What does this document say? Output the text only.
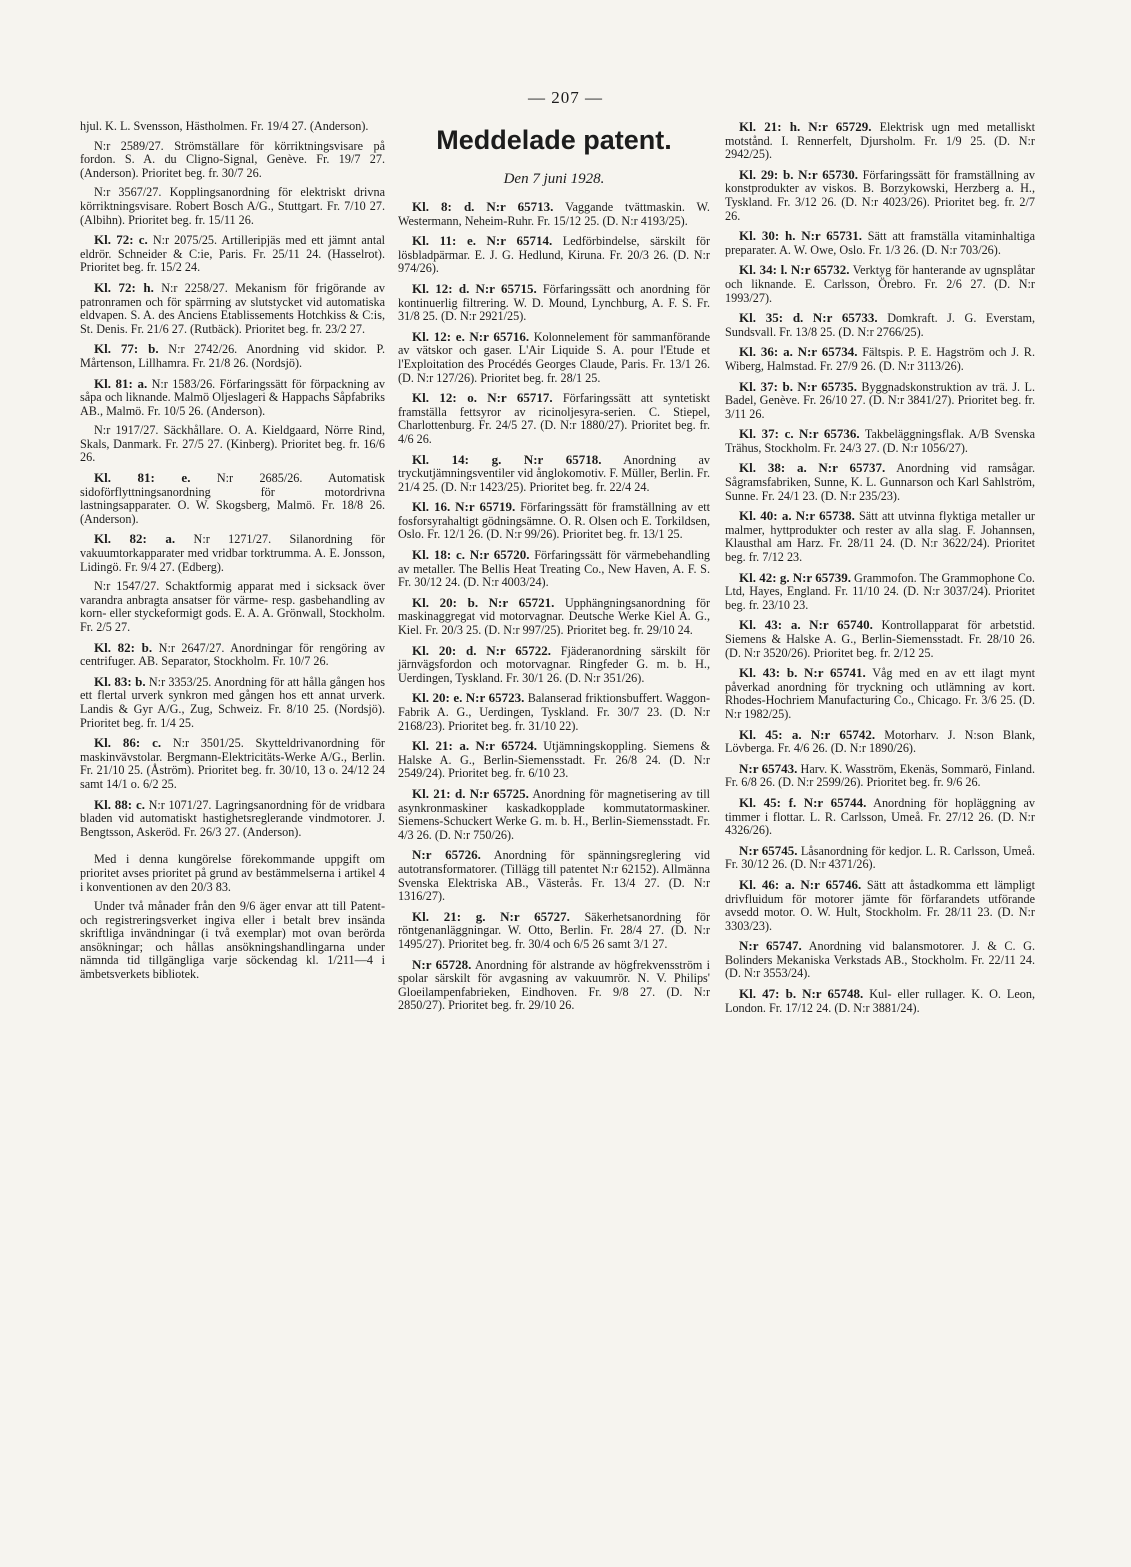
— 207 —

hjul. K. L. Svensson, Hästholmen. Fr. 19/4 27. (Anderson).

N:r 2589/27. Strömställare för körriktningsvisare på fordon. S. A. du Cligno-Signal, Genève. Fr. 19/7 27. (Anderson). Prioritet beg. fr. 30/7 26.

N:r 3567/27. Kopplingsanordning för elektriskt drivna körriktningsvisare. Robert Bosch A/G., Stuttgart. Fr. 7/10 27. (Albihn). Prioritet beg. fr. 15/11 26.

Kl. 72: c. N:r 2075/25. Artilleripjäs med ett jämnt antal eldrör. Schneider & C:ie, Paris. Fr. 25/11 24. (Hasselrot). Prioritet beg. fr. 15/2 24.

Kl. 72: h. N:r 2258/27. Mekanism för frigörande av patronramen och för spärrning av slutstycket vid automatiska eldvapen. S. A. des Anciens Etablissements Hotchkiss & C:is, St. Denis. Fr. 21/6 27. (Rutbäck). Prioritet beg. fr. 23/2 27.

Kl. 77: b. N:r 2742/26. Anordning vid skidor. P. Mårtenson, Lillhamra. Fr. 21/8 26. (Nordsjö).

Kl. 81: a. N:r 1583/26. Förfaringssätt för förpackning av såpa och liknande. Malmö Oljeslageri & Happachs Såpfabriks AB., Malmö. Fr. 10/5 26. (Anderson).

N:r 1917/27. Säckhållare. O. A. Kieldgaard, Nörre Rind, Skals, Danmark. Fr. 27/5 27. (Kinberg). Prioritet beg. fr. 16/6 26.

Kl. 81: e. N:r 2685/26. Automatisk sidoförflyttningsanordning för motordrivna lastningsapparater. O. W. Skogsberg, Malmö. Fr. 18/8 26. (Anderson).

Kl. 82: a. N:r 1271/27. Silanordning för vakuumtorkapparater med vridbar torktrumma. A. E. Jonsson, Lidingö. Fr. 9/4 27. (Edberg).

N:r 1547/27. Schaktformig apparat med i sicksack över varandra anbragta ansatser för värme- resp. gasbehandling av korn- eller styckeformigt gods. E. A. A. Grönwall, Stockholm. Fr. 2/5 27.

Kl. 82: b. N:r 2647/27. Anordningar för rengöring av centrifuger. AB. Separator, Stockholm. Fr. 10/7 26.

Kl. 83: b. N:r 3353/25. Anordning för att hålla gången hos ett flertal urverk synkron med gången hos ett annat urverk. Landis & Gyr A/G., Zug, Schweiz. Fr. 8/10 25. (Nordsjö). Prioritet beg. fr. 1/4 25.

Kl. 86: c. N:r 3501/25. Skytteldrivanordning för maskinvävstolar. Bergmann-Elektricitäts-Werke A/G., Berlin. Fr. 21/10 25. (Åström). Prioritet beg. fr. 30/10, 13 o. 24/12 24 samt 14/1 o. 6/2 25.

Kl. 88: c. N:r 1071/27. Lagringsanordning för de vridbara bladen vid automatiskt hastighetsreglerande vindmotorer. J. Bengtsson, Askeröd. Fr. 26/3 27. (Anderson).

Med i denna kungörelse förekommande uppgift om prioritet avses prioritet på grund av bestämmelserna i artikel 4 i konventionen av den 20/3 83.

Under två månader från den 9/6 äger envar att till Patent- och registreringsverket ingiva eller i betalt brev insända skriftliga invändningar (i två exemplar) mot ovan berörda ansökningar; och hållas ansökningshandlingarna under nämnda tid tillgängliga varje söckendag kl. 1/211—4 i ämbetsverkets bibliotek.

Meddelade patent.
Den 7 juni 1928.

Kl. 8: d. N:r 65713. Vaggande tvättmaskin. W. Westermann, Neheim-Ruhr. Fr. 15/12 25. (D. N:r 4193/25).

Kl. 11: e. N:r 65714. Ledförbindelse, särskilt för lösbladpärmar. E. J. G. Hedlund, Kiruna. Fr. 20/3 26. (D. N:r 974/26).

Kl. 12: d. N:r 65715. Förfaringssätt och anordning för kontinuerlig filtrering. W. D. Mound, Lynchburg, A. F. S. Fr. 31/8 25. (D. N:r 2921/25).

Kl. 12: e. N:r 65716. Kolonnelement för sammanförande av vätskor och gaser. L'Air Liquide S. A. pour l'Etude et l'Exploitation des Procédés Georges Claude, Paris. Fr. 13/1 26. (D. N:r 127/26). Prioritet beg. fr. 28/1 25.

Kl. 12: o. N:r 65717. Förfaringssätt att syntetiskt framställa fettsyror av ricinoljesyra-serien. C. Stiepel, Charlottenburg. Fr. 24/5 27. (D. N:r 1880/27). Prioritet beg. fr. 4/6 26.

Kl. 14: g. N:r 65718. Anordning av tryckutjämningsventiler vid ånglokomotiv. F. Müller, Berlin. Fr. 21/4 25. (D. N:r 1423/25). Prioritet beg. fr. 22/4 24.

Kl. 16. N:r 65719. Förfaringssätt för framställning av ett fosforsyrahaltigt gödningsämne. O. R. Olsen och E. Torkildsen, Oslo. Fr. 12/1 26. (D. N:r 99/26). Prioritet beg. fr. 13/1 25.

Kl. 18: c. N:r 65720. Förfaringssätt för värmebehandling av metaller. The Bellis Heat Treating Co., New Haven, A. F. S. Fr. 30/12 24. (D. N:r 4003/24).

Kl. 20: b. N:r 65721. Upphängningsanordning för maskinaggregat vid motorvagnar. Deutsche Werke Kiel A. G., Kiel. Fr. 20/3 25. (D. N:r 997/25). Prioritet beg. fr. 29/10 24.

Kl. 20: d. N:r 65722. Fjäderanordning särskilt för järnvägsfordon och motorvagnar. Ringfeder G. m. b. H., Uerdingen, Tyskland. Fr. 30/1 26. (D. N:r 351/26).

Kl. 20: e. N:r 65723. Balanserad friktionsbuffert. Waggon-Fabrik A. G., Uerdingen, Tyskland. Fr. 30/7 23. (D. N:r 2168/23). Prioritet beg. fr. 31/10 22).

Kl. 21: a. N:r 65724. Utjämningskoppling. Siemens & Halske A. G., Berlin-Siemensstadt. Fr. 26/8 24. (D. N:r 2549/24). Prioritet beg. fr. 6/10 23.

Kl. 21: d. N:r 65725. Anordning för magnetisering av till asynkronmaskiner kaskadkopplade kommutatormaskiner. Siemens-Schuckert Werke G. m. b. H., Berlin-Siemensstadt. Fr. 4/3 26. (D. N:r 750/26).

N:r 65726. Anordning för spänningsreglering vid autotransformatorer. (Tillägg till patentet N:r 62152). Allmänna Svenska Elektriska AB., Västerås. Fr. 13/4 27. (D. N:r 1316/27).

Kl. 21: g. N:r 65727. Säkerhetsanordning för röntgenanläggningar. W. Otto, Berlin. Fr. 28/4 27. (D. N:r 1495/27). Prioritet beg. fr. 30/4 och 6/5 26 samt 3/1 27.

N:r 65728. Anordning för alstrande av högfrekvensström i spolar särskilt för avgasning av vakuumrör. N. V. Philips' Gloeilampenfabrieken, Eindhoven. Fr. 9/8 27. (D. N:r 2850/27). Prioritet beg. fr. 29/10 26.

Kl. 21: h. N:r 65729. Elektrisk ugn med metalliskt motstånd. I. Rennerfelt, Djursholm. Fr. 1/9 25. (D. N:r 2942/25).

Kl. 29: b. N:r 65730. Förfaringssätt för framställning av konstprodukter av viskos. B. Borzykowski, Herzberg a. H., Tyskland. Fr. 3/12 26. (D. N:r 4023/26). Prioritet beg. fr. 2/7 26.

Kl. 30: h. N:r 65731. Sätt att framställa vitaminhaltiga preparater. A. W. Owe, Oslo. Fr. 1/3 26. (D. N:r 703/26).

Kl. 34: l. N:r 65732. Verktyg för hanterande av ugnsplåtar och liknande. E. Carlsson, Örebro. Fr. 2/6 27. (D. N:r 1993/27).

Kl. 35: d. N:r 65733. Domkraft. J. G. Everstam, Sundsvall. Fr. 13/8 25. (D. N:r 2766/25).

Kl. 36: a. N:r 65734. Fältspis. P. E. Hagström och J. R. Wiberg, Halmstad. Fr. 27/9 26. (D. N:r 3113/26).

Kl. 37: b. N:r 65735. Byggnadskonstruktion av trä. J. L. Badel, Genève. Fr. 26/10 27. (D. N:r 3841/27). Prioritet beg. fr. 3/11 26.

Kl. 37: c. N:r 65736. Takbeläggningsflak. A/B Svenska Trähus, Stockholm. Fr. 24/3 27. (D. N:r 1056/27).

Kl. 38: a. N:r 65737. Anordning vid ramsågar. Sågramsfabriken, Sunne, K. L. Gunnarson och Karl Sahlström, Sunne. Fr. 24/1 23. (D. N:r 235/23).

Kl. 40: a. N:r 65738. Sätt att utvinna flyktiga metaller ur malmer, hyttprodukter och rester av alla slag. F. Johannsen, Klausthal am Harz. Fr. 28/11 24. (D. N:r 3622/24). Prioritet beg. fr. 7/12 23.

Kl. 42: g. N:r 65739. Grammofon. The Grammophone Co. Ltd, Hayes, England. Fr. 11/10 24. (D. N:r 3037/24). Prioritet beg. fr. 23/10 23.

Kl. 43: a. N:r 65740. Kontrollapparat för arbetstid. Siemens & Halske A. G., Berlin-Siemensstadt. Fr. 28/10 26. (D. N:r 3520/26). Prioritet beg. fr. 2/12 25.

Kl. 43: b. N:r 65741. Våg med en av ett ilagt mynt påverkad anordning för tryckning och utlämning av kort. Rhodes-Hochriem Manufacturing Co., Chicago. Fr. 3/6 25. (D. N:r 1982/25).

Kl. 45: a. N:r 65742. Motorharv. J. N:son Blank, Lövberga. Fr. 4/6 26. (D. N:r 1890/26).

N:r 65743. Harv. K. Wasström, Ekenäs, Sommarö, Finland. Fr. 6/8 26. (D. N:r 2599/26). Prioritet beg. fr. 9/6 26.

Kl. 45: f. N:r 65744. Anordning för hopläggning av timmer i flottar. L. R. Carlsson, Umeå. Fr. 27/12 26. (D. N:r 4326/26).

N:r 65745. Låsanordning för kedjor. L. R. Carlsson, Umeå. Fr. 30/12 26. (D. N:r 4371/26).

Kl. 46: a. N:r 65746. Sätt att åstadkomma ett lämpligt drivfluidum för motorer jämte för förfarandets utförande avsedd motor. O. W. Hult, Stockholm. Fr. 28/11 23. (D. N:r 3303/23).

N:r 65747. Anordning vid balansmotorer. J. & C. G. Bolinders Mekaniska Verkstads AB., Stockholm. Fr. 22/11 24. (D. N:r 3553/24).

Kl. 47: b. N:r 65748. Kul- eller rullager. K. O. Leon, London. Fr. 17/12 24. (D. N:r 3881/24).
